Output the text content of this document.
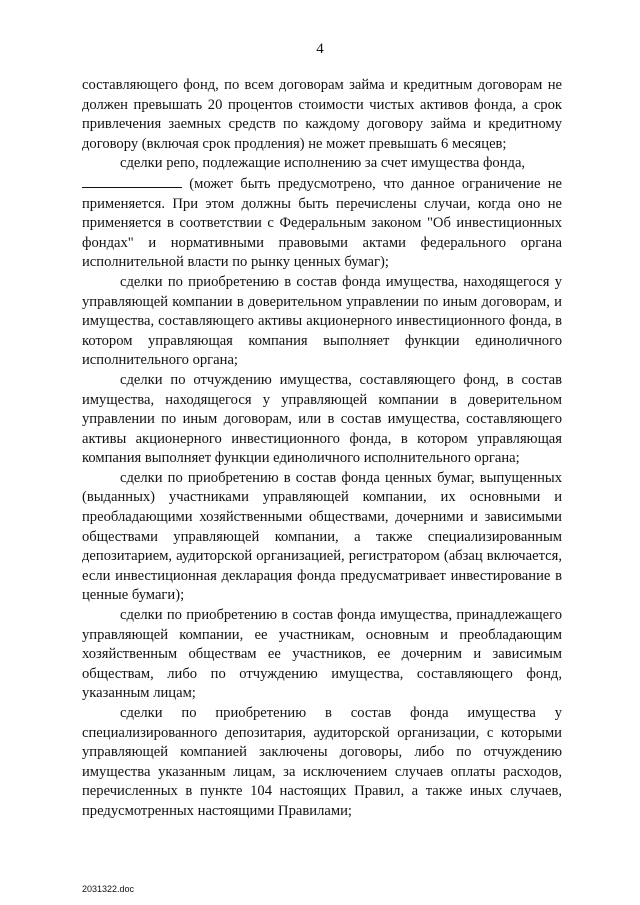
4

составляющего фонд, по всем договорам займа и кредитным договорам не должен превышать 20 процентов стоимости чистых активов фонда, а срок привлечения заемных средств по каждому договору займа и кредитному договору (включая срок продления) не может превышать 6 месяцев;

сделки репо, подлежащие исполнению за счет имущества фонда,

(может быть предусмотрено, что данное ограничение не применяется. При этом должны быть перечислены случаи, когда оно не применяется в соответствии с Федеральным законом "Об инвестиционных фондах" и нормативными правовыми актами федерального органа исполнительной власти по рынку ценных бумаг);

сделки по приобретению в состав фонда имущества, находящегося у управляющей компании в доверительном управлении по иным договорам, и имущества, составляющего активы акционерного инвестиционного фонда, в котором управляющая компания выполняет функции единоличного исполнительного органа;

сделки по отчуждению имущества, составляющего фонд, в состав имущества, находящегося у управляющей компании в доверительном управлении по иным договорам, или в состав имущества, составляющего активы акционерного инвестиционного фонда, в котором управляющая компания выполняет функции единоличного исполнительного органа;

сделки по приобретению в состав фонда ценных бумаг, выпущенных (выданных) участниками управляющей компании, их основными и преобладающими хозяйственными обществами, дочерними и зависимыми обществами управляющей компании, а также специализированным депозитарием, аудиторской организацией, регистратором (абзац включается, если инвестиционная декларация фонда предусматривает инвестирование в ценные бумаги);

сделки по приобретению в состав фонда имущества, принадлежащего управляющей компании, ее участникам, основным и преобладающим хозяйственным обществам ее участников, ее дочерним и зависимым обществам, либо по отчуждению имущества, составляющего фонд, указанным лицам;

сделки по приобретению в состав фонда имущества у специализированного депозитария, аудиторской организации, с которыми управляющей компанией заключены договоры, либо по отчуждению имущества указанным лицам, за исключением случаев оплаты расходов, перечисленных в пункте 104 настоящих Правил, а также иных случаев, предусмотренных настоящими Правилами;

2031322.doc
